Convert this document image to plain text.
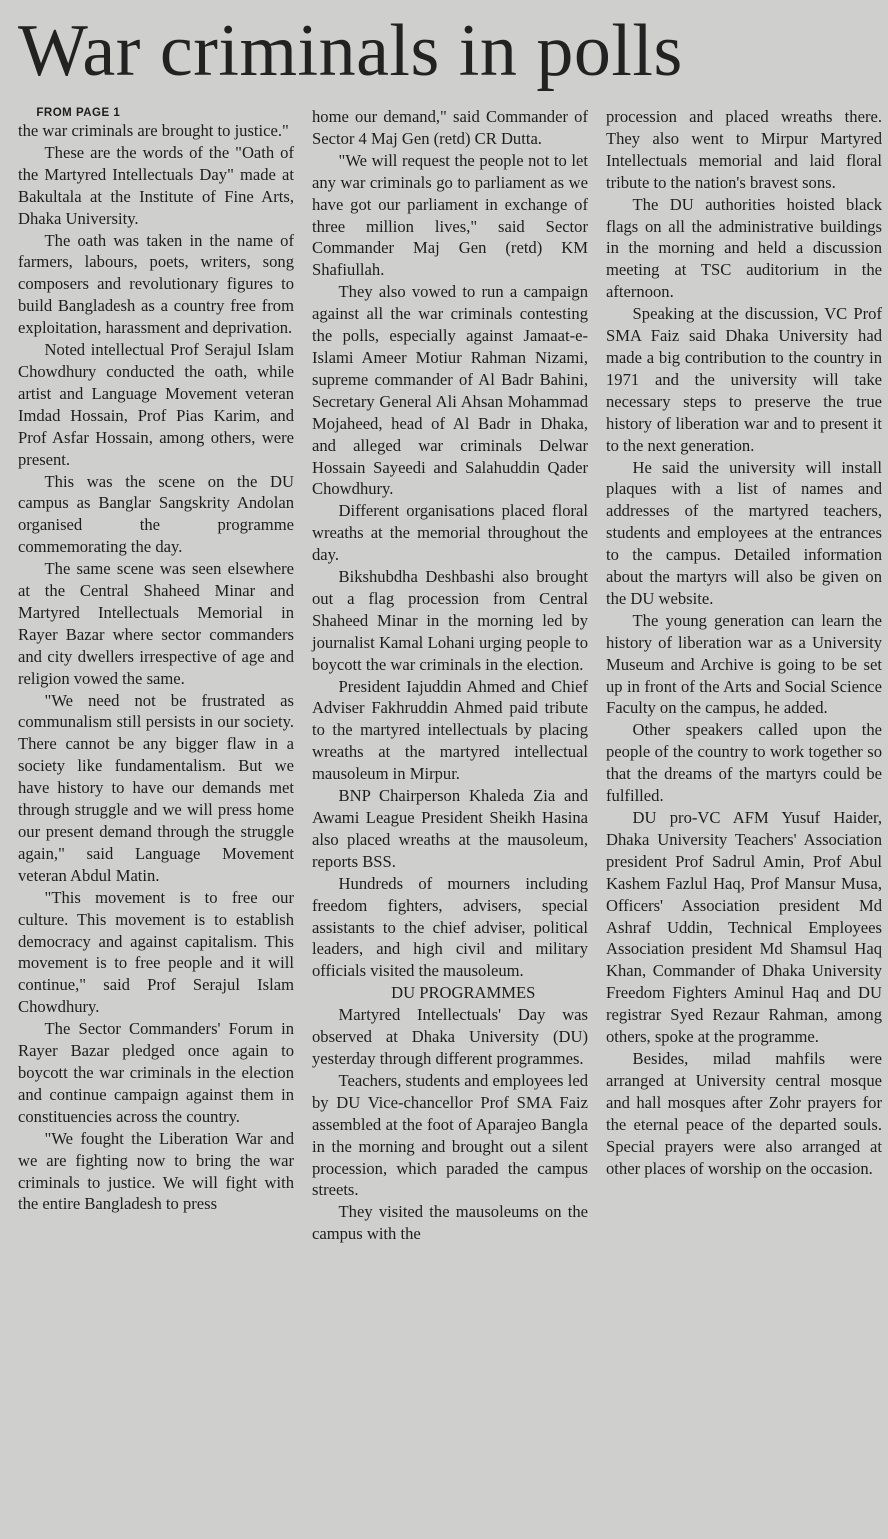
War criminals in polls

FROM PAGE 1

the war criminals are brought to justice."

These are the words of the "Oath of the Martyred Intellectuals Day" made at Bakultala at the Institute of Fine Arts, Dhaka University.

The oath was taken in the name of farmers, labours, poets, writers, song composers and revolutionary figures to build Bangladesh as a country free from exploitation, harassment and deprivation.

Noted intellectual Prof Serajul Islam Chowdhury conducted the oath, while artist and Language Movement veteran Imdad Hossain, Prof Pias Karim, and Prof Asfar Hossain, among others, were present.

This was the scene on the DU campus as Banglar Sangskrity Andolan organised the programme commemorating the day.

The same scene was seen elsewhere at the Central Shaheed Minar and Martyred Intellectuals Memorial in Rayer Bazar where sector commanders and city dwellers irrespective of age and religion vowed the same.

"We need not be frustrated as communalism still persists in our society. There cannot be any bigger flaw in a society like fundamentalism. But we have history to have our demands met through struggle and we will press home our present demand through the struggle again," said Language Movement veteran Abdul Matin.

"This movement is to free our culture. This movement is to establish democracy and against capitalism. This movement is to free people and it will continue," said Prof Serajul Islam Chowdhury.

The Sector Commanders' Forum in Rayer Bazar pledged once again to boycott the war criminals in the election and continue campaign against them in constituencies across the country.

"We fought the Liberation War and we are fighting now to bring the war criminals to justice. We will fight with the entire Bangladesh to press

home our demand," said Commander of Sector 4 Maj Gen (retd) CR Dutta.

"We will request the people not to let any war criminals go to parliament as we have got our parliament in exchange of three million lives," said Sector Commander Maj Gen (retd) KM Shafiullah.

They also vowed to run a campaign against all the war criminals contesting the polls, especially against Jamaat-e-Islami Ameer Motiur Rahman Nizami, supreme commander of Al Badr Bahini, Secretary General Ali Ahsan Mohammad Mojaheed, head of Al Badr in Dhaka, and alleged war criminals Delwar Hossain Sayeedi and Salahuddin Qader Chowdhury.

Different organisations placed floral wreaths at the memorial throughout the day.

Bikshubdha Deshbashi also brought out a flag procession from Central Shaheed Minar in the morning led by journalist Kamal Lohani urging people to boycott the war criminals in the election.

President Iajuddin Ahmed and Chief Adviser Fakhruddin Ahmed paid tribute to the martyred intellectuals by placing wreaths at the martyred intellectual mausoleum in Mirpur.

BNP Chairperson Khaleda Zia and Awami League President Sheikh Hasina also placed wreaths at the mausoleum, reports BSS.

Hundreds of mourners including freedom fighters, advisers, special assistants to the chief adviser, political leaders, and high civil and military officials visited the mausoleum.

DU PROGRAMMES

Martyred Intellectuals' Day was observed at Dhaka University (DU) yesterday through different programmes.

Teachers, students and employees led by DU Vice-chancellor Prof SMA Faiz assembled at the foot of Aparajeo Bangla in the morning and brought out a silent procession, which paraded the campus streets.

They visited the mausoleums on the campus with the

procession and placed wreaths there. They also went to Mirpur Martyred Intellectuals memorial and laid floral tribute to the nation's bravest sons.

The DU authorities hoisted black flags on all the administrative buildings in the morning and held a discussion meeting at TSC auditorium in the afternoon.

Speaking at the discussion, VC Prof SMA Faiz said Dhaka University had made a big contribution to the country in 1971 and the university will take necessary steps to preserve the true history of liberation war and to present it to the next generation.

He said the university will install plaques with a list of names and addresses of the martyred teachers, students and employees at the entrances to the campus. Detailed information about the martyrs will also be given on the DU website.

The young generation can learn the history of liberation war as a University Museum and Archive is going to be set up in front of the Arts and Social Science Faculty on the campus, he added.

Other speakers called upon the people of the country to work together so that the dreams of the martyrs could be fulfilled.

DU pro-VC AFM Yusuf Haider, Dhaka University Teachers' Association president Prof Sadrul Amin, Prof Abul Kashem Fazlul Haq, Prof Mansur Musa, Officers' Association president Md Ashraf Uddin, Technical Employees Association president Md Shamsul Haq Khan, Commander of Dhaka University Freedom Fighters Aminul Haq and DU registrar Syed Rezaur Rahman, among others, spoke at the programme.

Besides, milad mahfils were arranged at University central mosque and hall mosques after Zohr prayers for the eternal peace of the departed souls. Special prayers were also arranged at other places of worship on the occasion.
